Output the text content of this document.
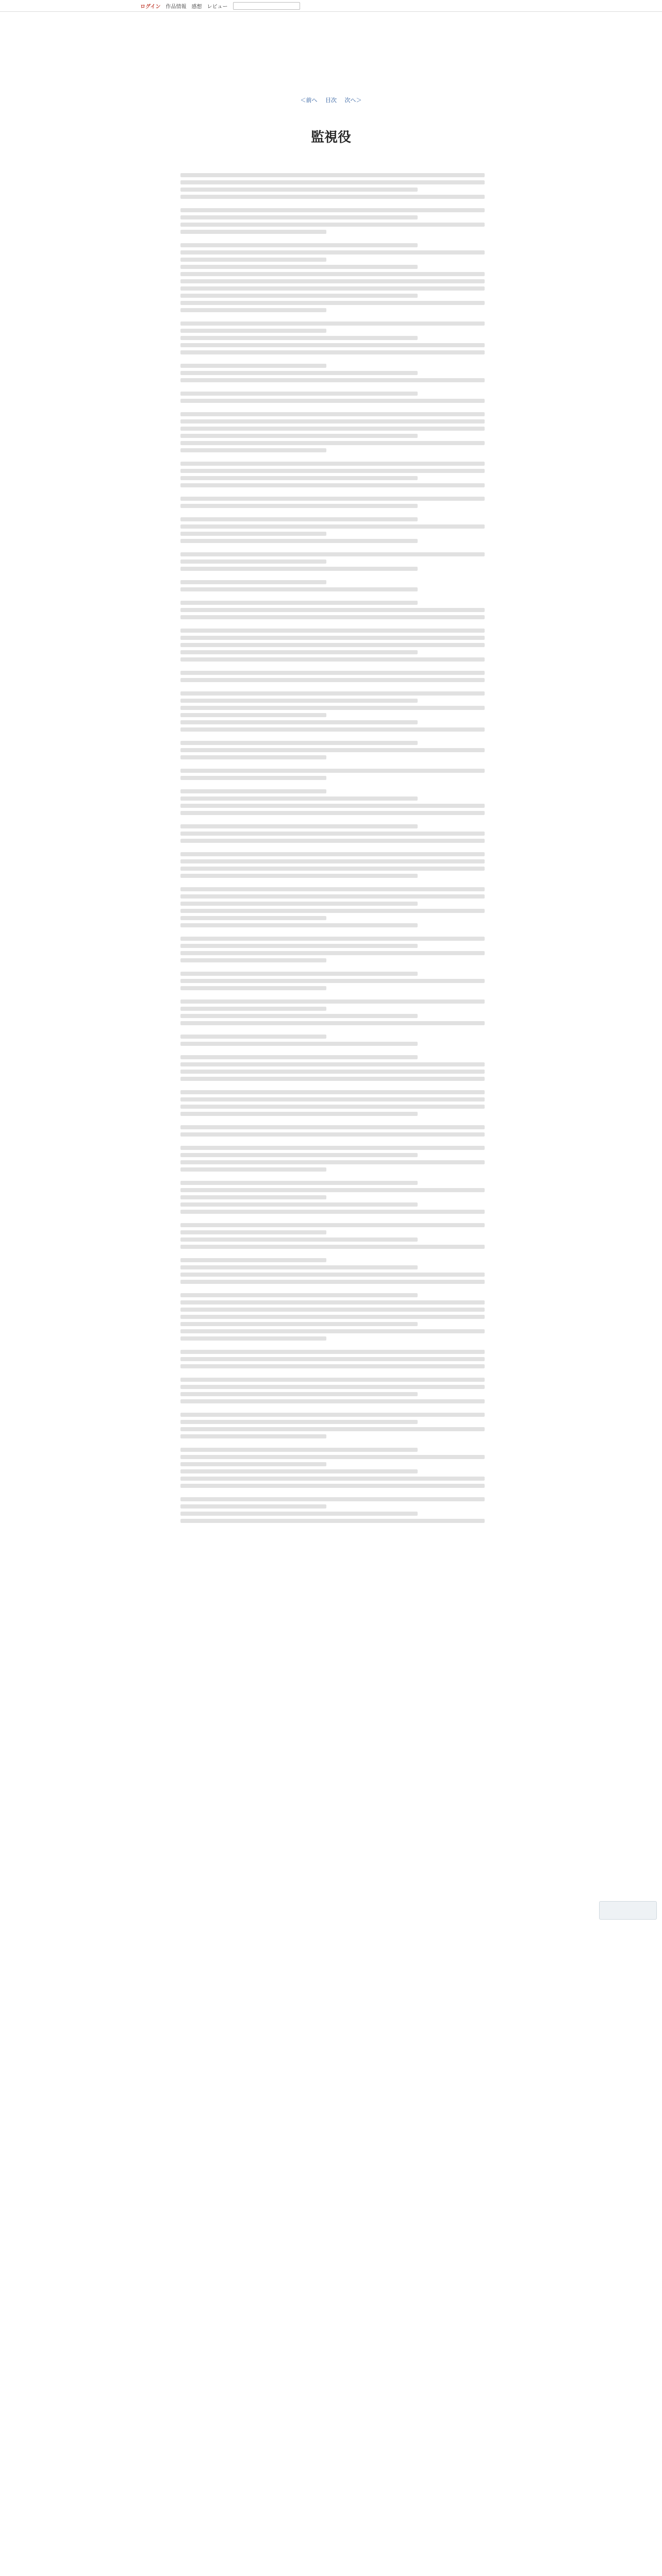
ログイン 作品情報 感想 レビュー
＜前へ 目次 次へ＞
監視役
